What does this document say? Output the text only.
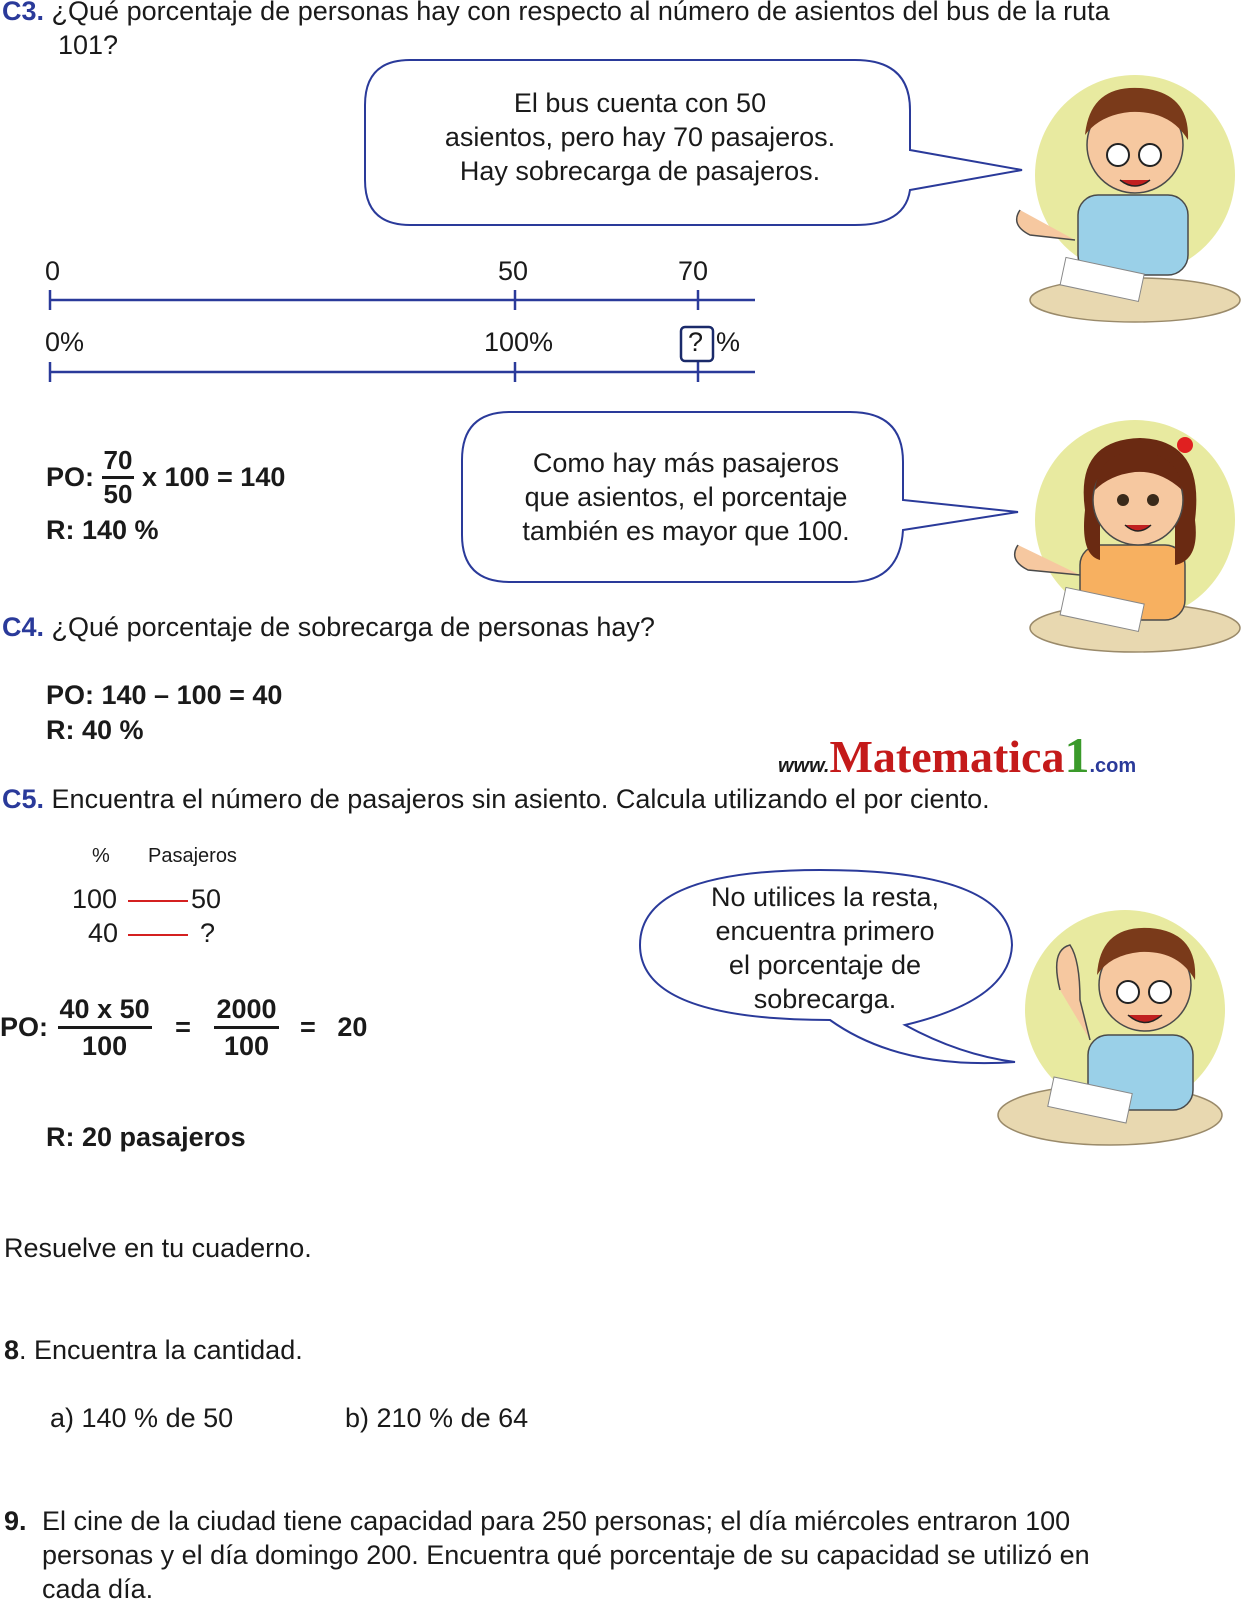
C3. ¿Qué porcentaje de personas hay con respecto al número de asientos del bus de la ruta
101?
El bus cuenta con 50
asientos, pero hay 70 pasajeros.
Hay sobrecarga de pasajeros.
0	50	70
0%	100%	? %
PO: $\frac{70}{50}$ x 100 = 140
R: 140 %
Como hay más pasajeros
que asientos, el porcentaje
también es mayor que 100.
C4. ¿Qué porcentaje de sobrecarga de personas hay?
PO: 140 – 100 = 40
R: 40 %
www.Matematica1.com
C5. Encuentra el número de pasajeros sin asiento. Calcula utilizando el por ciento.
% Pasajeros
100	50
40	?
PO: $\frac{40 x 50}{100} = \frac{2000}{100} = 20$
No utilices la resta,
encuentra primero
el porcentaje de
sobrecarga.
R: 20 pasajeros
Resuelve en tu cuaderno.
8. Encuentra la cantidad.
a) 140 % de 50	b) 210 % de 64
9. El cine de la ciudad tiene capacidad para 250 personas; el día miércoles entraron 100
personas y el día domingo 200. Encuentra qué porcentaje de su capacidad se utilizó en
cada día.
